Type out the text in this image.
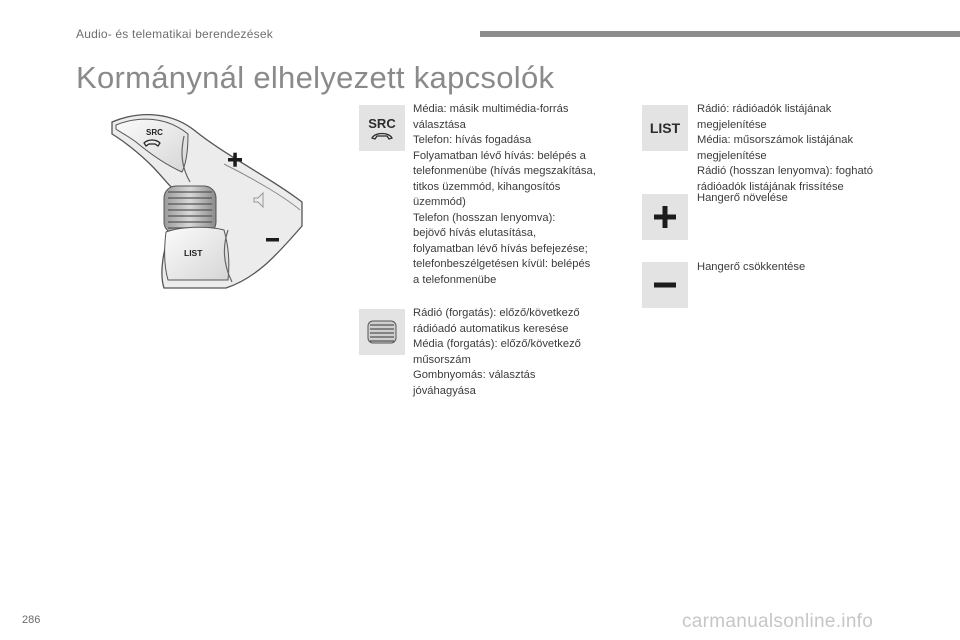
Audio- és telematikai berendezések
Kormánynál elhelyezett kapcsolók
SRC
LIST
SRC

Média: másik multimédia-forrás

választása

Telefon: hívás fogadása

Folyamatban lévő hívás: belépés a

telefonmenübe (hívás megszakítása,

titkos üzemmód, kihangosítós

üzemmód)

Telefon (hosszan lenyomva):

bejövő hívás elutasítása,

folyamatban lévő hívás befejezése;

telefonbeszélgetésen kívül: belépés

a telefonmenübe

Rádió (forgatás): előző/következő

rádióadó automatikus keresése

Média (forgatás): előző/következő

műsorszám

Gombnyomás: választás

jóváhagyása

LIST

Rádió: rádióadók listájának

megjelenítése

Média: műsorszámok listájának

megjelenítése

Rádió (hosszan lenyomva): fogható

rádióadók listájának frissítése

Hangerő növelése

Hangerő csökkentése

286	carmanualsonline.info
